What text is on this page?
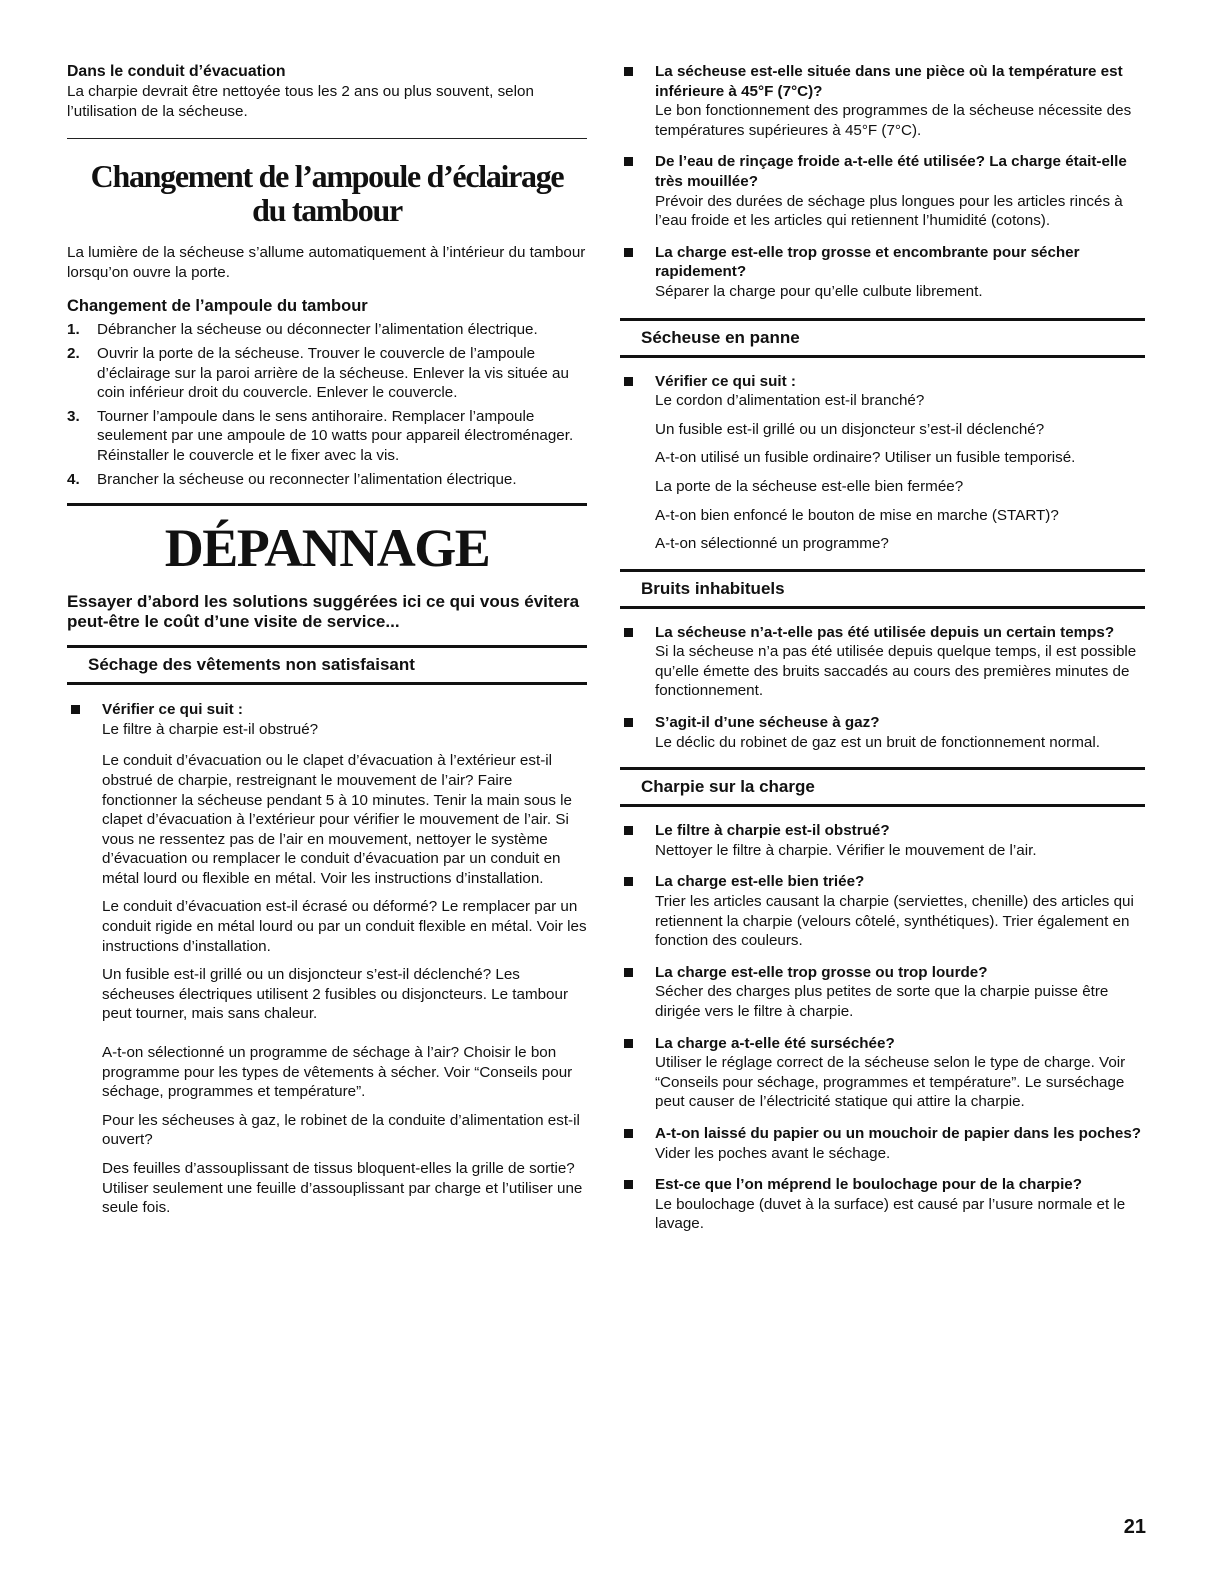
Dans le conduit d’évacuation

La charpie devrait être nettoyée tous les 2 ans ou plus souvent, selon l’utilisation de la sécheuse.

Changement de l’ampoule d’éclairage
du tambour

La lumière de la sécheuse s’allume automatiquement à l’intérieur du tambour lorsqu’on ouvre la porte.

Changement de l’ampoule du tambour

1. Débrancher la sécheuse ou déconnecter l’alimentation électrique.
2. Ouvrir la porte de la sécheuse. Trouver le couvercle de l’ampoule d’éclairage sur la paroi arrière de la sécheuse. Enlever la vis située au coin inférieur droit du couvercle. Enlever le couvercle.
3. Tourner l’ampoule dans le sens antihoraire. Remplacer l’ampoule seulement par une ampoule de 10 watts pour appareil électroménager. Réinstaller le couvercle et le fixer avec la vis.
4. Brancher la sécheuse ou reconnecter l’alimentation électrique.
DÉPANNAGE

Essayer d’abord les solutions suggérées ici ce qui vous évitera peut-être le coût d’une visite de service...

Séchage des vêtements non satisfaisant

Vérifier ce qui suit :

Le filtre à charpie est-il obstrué?

Le conduit d’évacuation ou le clapet d’évacuation à l’extérieur est-il obstrué de charpie, restreignant le mouvement de l’air? Faire fonctionner la sécheuse pendant 5 à 10 minutes. Tenir la main sous le clapet d’évacuation à l’extérieur pour vérifier le mouvement de l’air. Si vous ne ressentez pas de l’air en mouvement, nettoyer le système d’évacuation ou remplacer le conduit d’évacuation par un conduit en métal lourd ou flexible en métal. Voir les instructions d’installation.

Le conduit d’évacuation est-il écrasé ou déformé? Le remplacer par un conduit rigide en métal lourd ou par un conduit flexible en métal. Voir les instructions d’installation.

Un fusible est-il grillé ou un disjoncteur s’est-il déclenché? Les sécheuses électriques utilisent 2 fusibles ou disjoncteurs. Le tambour peut tourner, mais sans chaleur.

A-t-on sélectionné un programme de séchage à l’air? Choisir le bon programme pour les types de vêtements à sécher. Voir “Conseils pour séchage, programmes et température”.

Pour les sécheuses à gaz, le robinet de la conduite d’alimentation est-il ouvert?

Des feuilles d’assouplissant de tissus bloquent-elles la grille de sortie? Utiliser seulement une feuille d’assouplissant par charge et l’utiliser une seule fois.

La sécheuse est-elle située dans une pièce où la température est inférieure à 45°F (7°C)?

Le bon fonctionnement des programmes de la sécheuse nécessite des températures supérieures à 45°F (7°C).

De l’eau de rinçage froide a-t-elle été utilisée? La charge était-elle très mouillée?

Prévoir des durées de séchage plus longues pour les articles rincés à l’eau froide et les articles qui retiennent l’humidité (cotons).

La charge est-elle trop grosse et encombrante pour sécher rapidement?

Séparer la charge pour qu’elle culbute librement.

Sécheuse en panne

Vérifier ce qui suit :

Le cordon d’alimentation est-il branché?

Un fusible est-il grillé ou un disjoncteur s’est-il déclenché?

A-t-on utilisé un fusible ordinaire? Utiliser un fusible temporisé.

La porte de la sécheuse est-elle bien fermée?

A-t-on bien enfoncé le bouton de mise en marche (START)?

A-t-on sélectionné un programme?

Bruits inhabituels

La sécheuse n’a-t-elle pas été utilisée depuis un certain temps?

Si la sécheuse n’a pas été utilisée depuis quelque temps, il est possible qu’elle émette des bruits saccadés au cours des premières minutes de fonctionnement.

S’agit-il d’une sécheuse à gaz?

Le déclic du robinet de gaz est un bruit de fonctionnement normal.

Charpie sur la charge

Le filtre à charpie est-il obstrué?

Nettoyer le filtre à charpie. Vérifier le mouvement de l’air.

La charge est-elle bien triée?

Trier les articles causant la charpie (serviettes, chenille) des articles qui retiennent la charpie (velours côtelé, synthétiques). Trier également en fonction des couleurs.

La charge est-elle trop grosse ou trop lourde?

Sécher des charges plus petites de sorte que la charpie puisse être dirigée vers le filtre à charpie.

La charge a-t-elle été surséchée?

Utiliser le réglage correct de la sécheuse selon le type de charge. Voir “Conseils pour séchage, programmes et température”. Le surséchage peut causer de l’électricité statique qui attire la charpie.

A-t-on laissé du papier ou un mouchoir de papier dans les poches?

Vider les poches avant le séchage.

Est-ce que l’on méprend le boulochage pour de la charpie?

Le boulochage (duvet à la surface) est causé par l’usure normale et le lavage.

21
